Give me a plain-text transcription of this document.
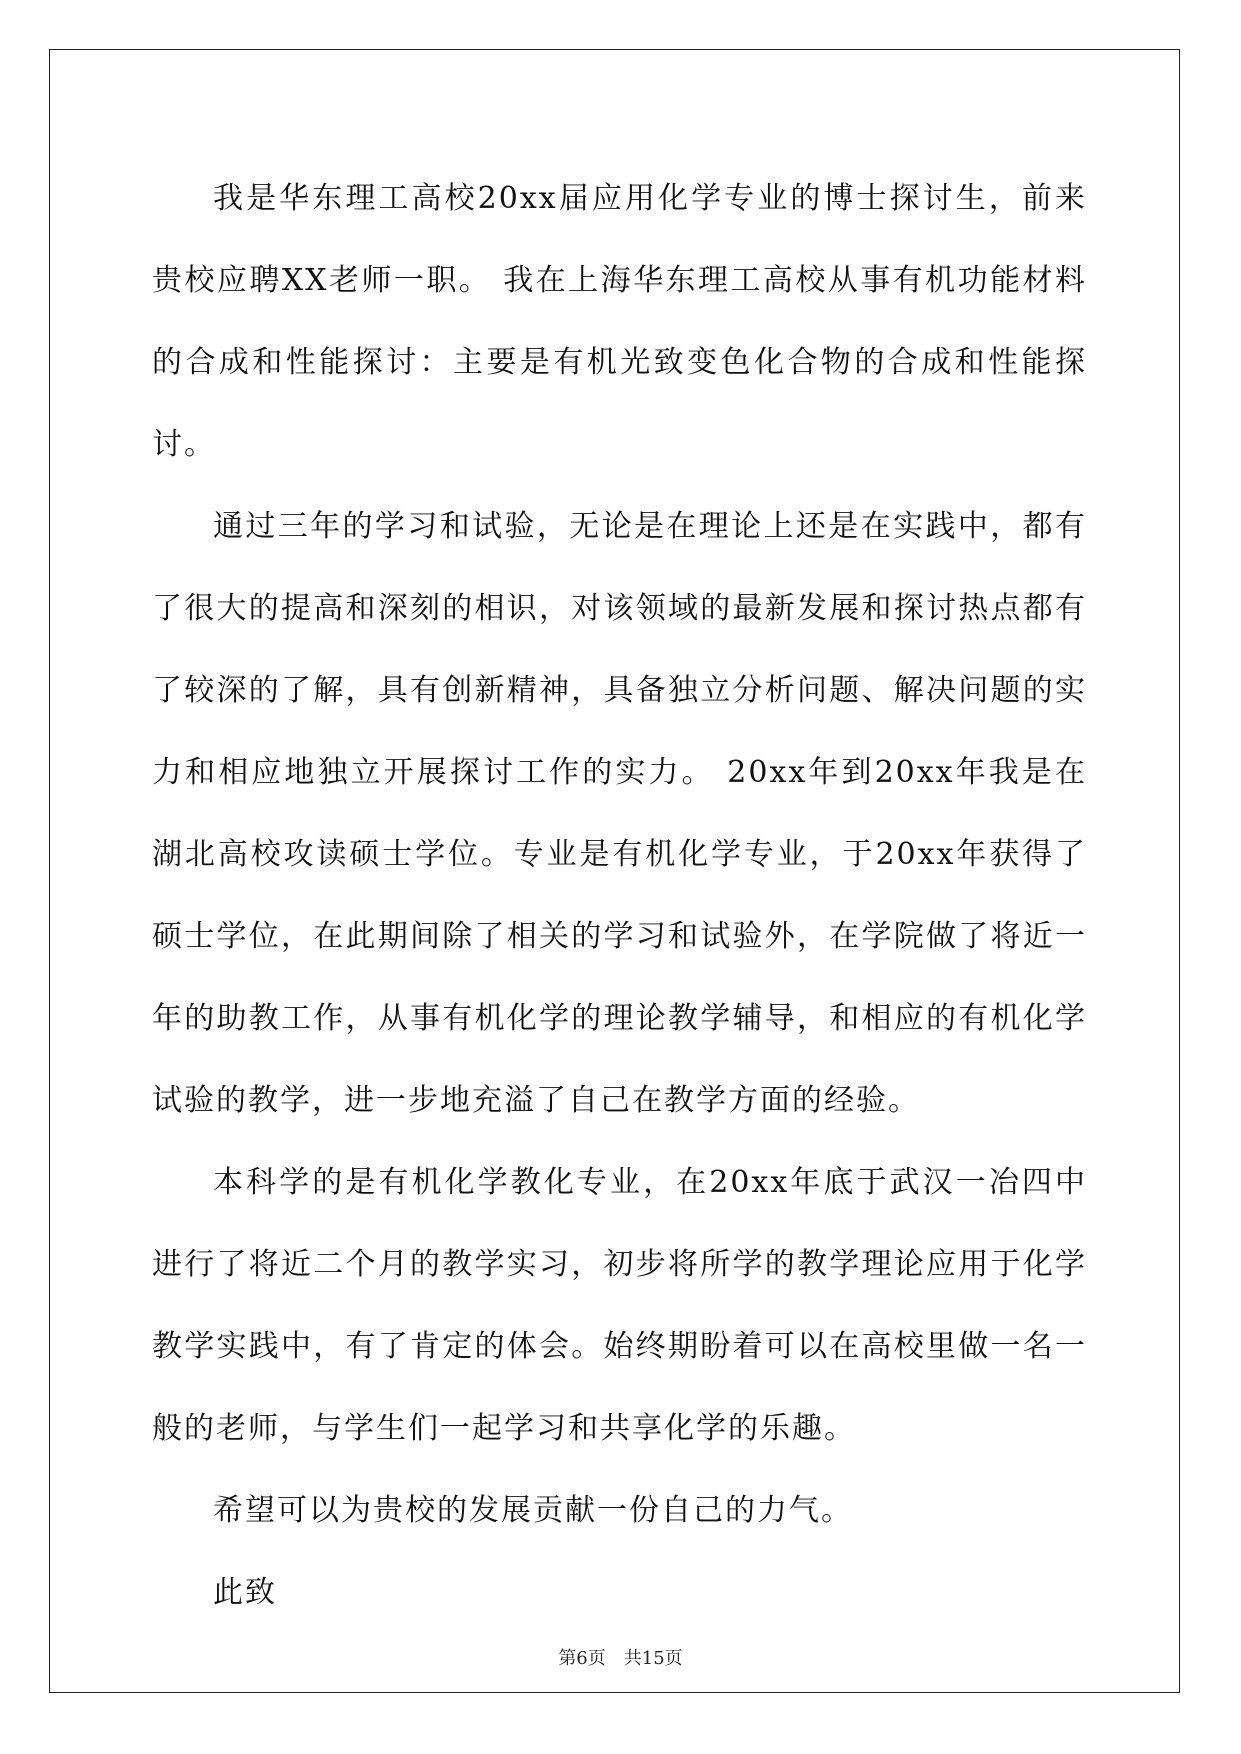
我是华东理工高校20xx届应用化学专业的博士探讨生，前来贵校应聘XX老师一职。 我在上海华东理工高校从事有机功能材料的合成和性能探讨：主要是有机光致变色化合物的合成和性能探讨。

通过三年的学习和试验，无论是在理论上还是在实践中，都有了很大的提高和深刻的相识，对该领域的最新发展和探讨热点都有了较深的了解，具有创新精神，具备独立分析问题、解决问题的实力和相应地独立开展探讨工作的实力。 20xx年到20xx年我是在湖北高校攻读硕士学位。专业是有机化学专业，于20xx年获得了硕士学位，在此期间除了相关的学习和试验外，在学院做了将近一年的助教工作，从事有机化学的理论教学辅导，和相应的有机化学试验的教学，进一步地充溢了自己在教学方面的经验。

本科学的是有机化学教化专业，在20xx年底于武汉一冶四中进行了将近二个月的教学实习，初步将所学的教学理论应用于化学教学实践中，有了肯定的体会。始终期盼着可以在高校里做一名一般的老师，与学生们一起学习和共享化学的乐趣。

希望可以为贵校的发展贡献一份自己的力气。

此致

第6页　共15页
